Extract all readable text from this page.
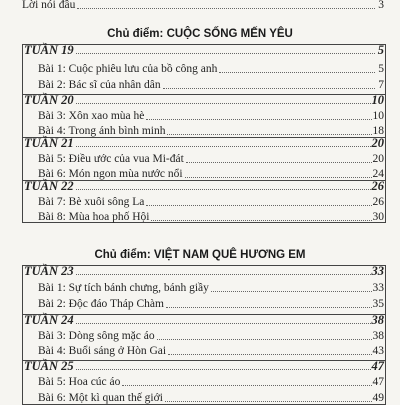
Lời nói đầu	3
Chủ điểm: CUỘC SỐNG MẾN YÊU
TUẦN 19	5
Bài 1: Cuộc phiêu lưu của bồ công anh	5
Bài 2: Bác sĩ của nhân dân	7
TUẦN 20	10
Bài 3: Xôn xao mùa hè	10
Bài 4: Trong ánh bình minh	18
TUẦN 21	20
Bài 5: Điều ước của vua Mi-đát	20
Bài 6: Món ngon mùa nước nổi	24
TUẦN 22	26
Bài 7: Bè xuôi sông La	26
Bài 8: Mùa hoa phố Hội	30
Chủ điểm: VIỆT NAM QUÊ HƯƠNG EM
TUẦN 23	33
Bài 1: Sự tích bánh chưng, bánh giầy	33
Bài 2: Độc đáo Tháp Chàm	35
TUẦN 24	38
Bài 3: Dòng sông mặc áo	38
Bài 4: Buổi sáng ở Hòn Gai	43
TUẦN 25	47
Bài 5: Hoa cúc áo	47
Bài 6: Một kì quan thế giới	49
